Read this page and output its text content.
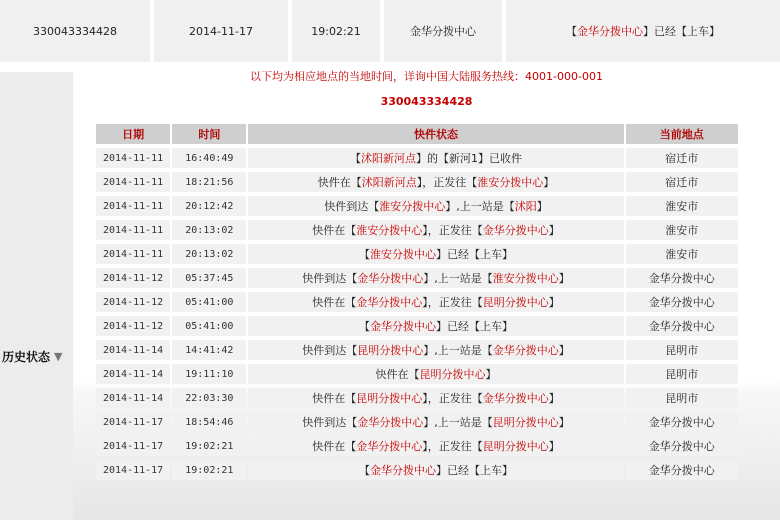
330043334428	2014-11-17	19:02:21	金华分拨中心	【 金华分拨中心 】已经【上车】
历史状态 ▼
以下均为相应地点的当地时间，详询中国大陆服务热线：4001-000-001
330043334428
日期	时间	快件状态	当前地点
2014-11-11	16:40:49	【沭阳新河点】的【新河1】已收件	宿迁市
2014-11-11	18:21:56	快件在【沭阳新河点】，正发往【淮安分拨中心】	宿迁市
2014-11-11	20:12:42	快件到达【淮安分拨中心】,上一站是【沭阳】	淮安市
2014-11-11	20:13:02	快件在【淮安分拨中心】，正发往【金华分拨中心】	淮安市
2014-11-11	20:13:02	【淮安分拨中心】已经【上车】	淮安市
2014-11-12	05:37:45	快件到达【金华分拨中心】,上一站是【淮安分拨中心】	金华分拨中心
2014-11-12	05:41:00	快件在【金华分拨中心】，正发往【昆明分拨中心】	金华分拨中心
2014-11-12	05:41:00	【金华分拨中心】已经【上车】	金华分拨中心
2014-11-14	14:41:42	快件到达【昆明分拨中心】,上一站是【金华分拨中心】	昆明市
2014-11-14	19:11:10	快件在【昆明分拨中心】	昆明市
2014-11-14	22:03:30	快件在【昆明分拨中心】，正发往【金华分拨中心】	昆明市
2014-11-17	18:54:46	快件到达【金华分拨中心】,上一站是【昆明分拨中心】	金华分拨中心
2014-11-17	19:02:21	快件在【金华分拨中心】，正发往【昆明分拨中心】	金华分拨中心
2014-11-17	19:02:21	【金华分拨中心】已经【上车】	金华分拨中心
